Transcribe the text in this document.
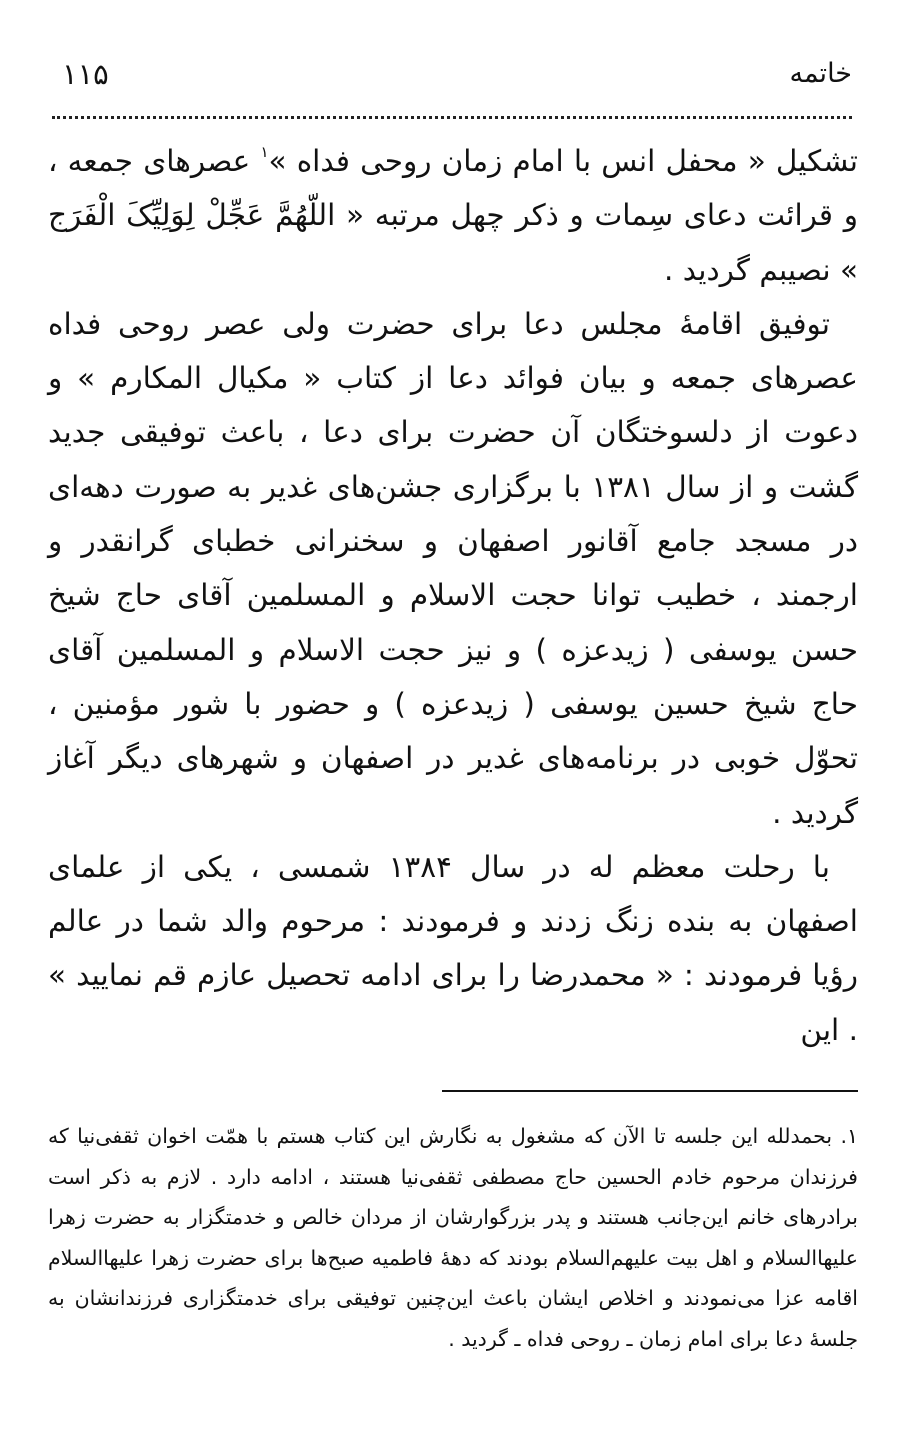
خاتمه
۱۱۵

تشکیل « محفل انس با امام زمان روحی فداه »$^۱$ عصرهای جمعه ، و قرائت دعای سِمات و ذکر چهل مرتبه « اللّهُمَّ عَجِّلْ لِوَلِیِّکَ الْفَرَج » نصیبم گردید .

توفیق اقامۀ مجلس دعا برای حضرت ولی عصر روحی فداه عصرهای جمعه و بیان فوائد دعا از کتاب « مکیال المکارم » و دعوت از دلسوختگان آن حضرت برای دعا ، باعث توفیقی جدید گشت و از سال ۱۳۸۱ با برگزاری جشن‌های غدیر به صورت دهه‌ای در مسجد جامع آقانور اصفهان و سخنرانی خطبای گرانقدر و ارجمند ، خطیب توانا حجت الاسلام و المسلمین آقای حاج شیخ حسن یوسفی ( زیدعزه ) و نیز حجت الاسلام و المسلمین آقای حاج شیخ حسین یوسفی ( زیدعزه ) و حضور با شور مؤمنین ، تحوّل خوبی در برنامه‌های غدیر در اصفهان و شهرهای دیگر آغاز گردید .

با رحلت معظم له در سال ۱۳۸۴ شمسی ، یکی از علمای اصفهان به بنده زنگ زدند و فرمودند : مرحوم والد شما در عالم رؤیا فرمودند : « محمدرضا را برای ادامه تحصیل عازم قم نمایید » . این

۱. بحمدلله این جلسه تا الآن که مشغول به نگارش این کتاب هستم با همّت اخوان ثقفی‌نیا که فرزندان مرحوم خادم الحسین حاج مصطفی ثقفی‌نیا هستند ، ادامه دارد . لازم به ذکر است برادرهای خانم این‌جانب هستند و پدر بزرگوارشان از مردان خالص و خدمتگزار به حضرت زهرا علیهاالسلام و اهل بیت علیهم‌السلام بودند که دهۀ فاطمیه صبح‌ها برای حضرت زهرا علیهاالسلام اقامه عزا می‌نمودند و اخلاص ایشان باعث این‌چنین توفیقی برای خدمتگزاری فرزندانشان به جلسۀ دعا برای امام زمان ـ روحی فداه ـ گردید .
